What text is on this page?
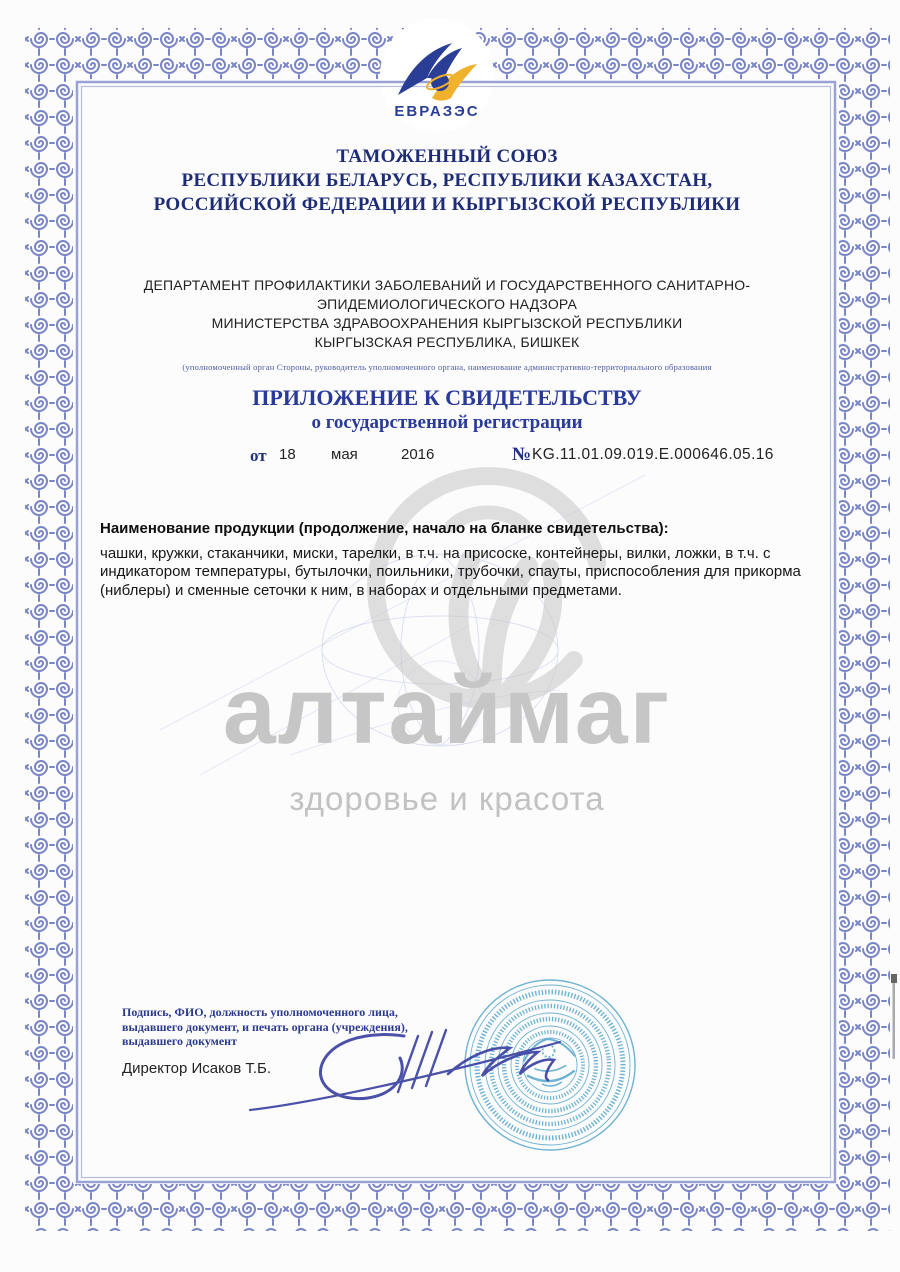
ЕВРАЗЭС
ТАМОЖЕННЫЙ СОЮЗ
РЕСПУБЛИКИ БЕЛАРУСЬ, РЕСПУБЛИКИ КАЗАХСТАН,
РОССИЙСКОЙ ФЕДЕРАЦИИ И КЫРГЫЗСКОЙ РЕСПУБЛИКИ
ДЕПАРТАМЕНТ ПРОФИЛАКТИКИ ЗАБОЛЕВАНИЙ И ГОСУДАРСТВЕННОГО САНИТАРНО-
ЭПИДЕМИОЛОГИЧЕСКОГО НАДЗОРА
МИНИСТЕРСТВА ЗДРАВООХРАНЕНИЯ КЫРГЫЗСКОЙ РЕСПУБЛИКИ
КЫРГЫЗСКАЯ РЕСПУБЛИКА, БИШКЕК
(уполномоченный орган Стороны, руководитель уполномоченного органа, наименование административно-территориального образования
ПРИЛОЖЕНИЕ К СВИДЕТЕЛЬСТВУ
о государственной регистрации
от 18 мая	2016	№ KG.11.01.09.019.Е.000646.05.16
Наименование продукции (продолжение, начало на бланке свидетельства):
чашки, кружки, стаканчики, миски, тарелки, в т.ч. на присоске, контейнеры, вилки, ложки, в т.ч. с индикатором температуры, бутылочки, поильники, трубочки, спауты, приспособления для прикорма (ниблеры) и сменные сеточки к ним, в наборах и отдельными предметами.
алтаймаг
здоровье и красота
Подпись, ФИО, должность уполномоченного лица,
выдавшего документ, и печать органа (учреждения),
выдавшего документ
Директор Исаков Т.Б.
